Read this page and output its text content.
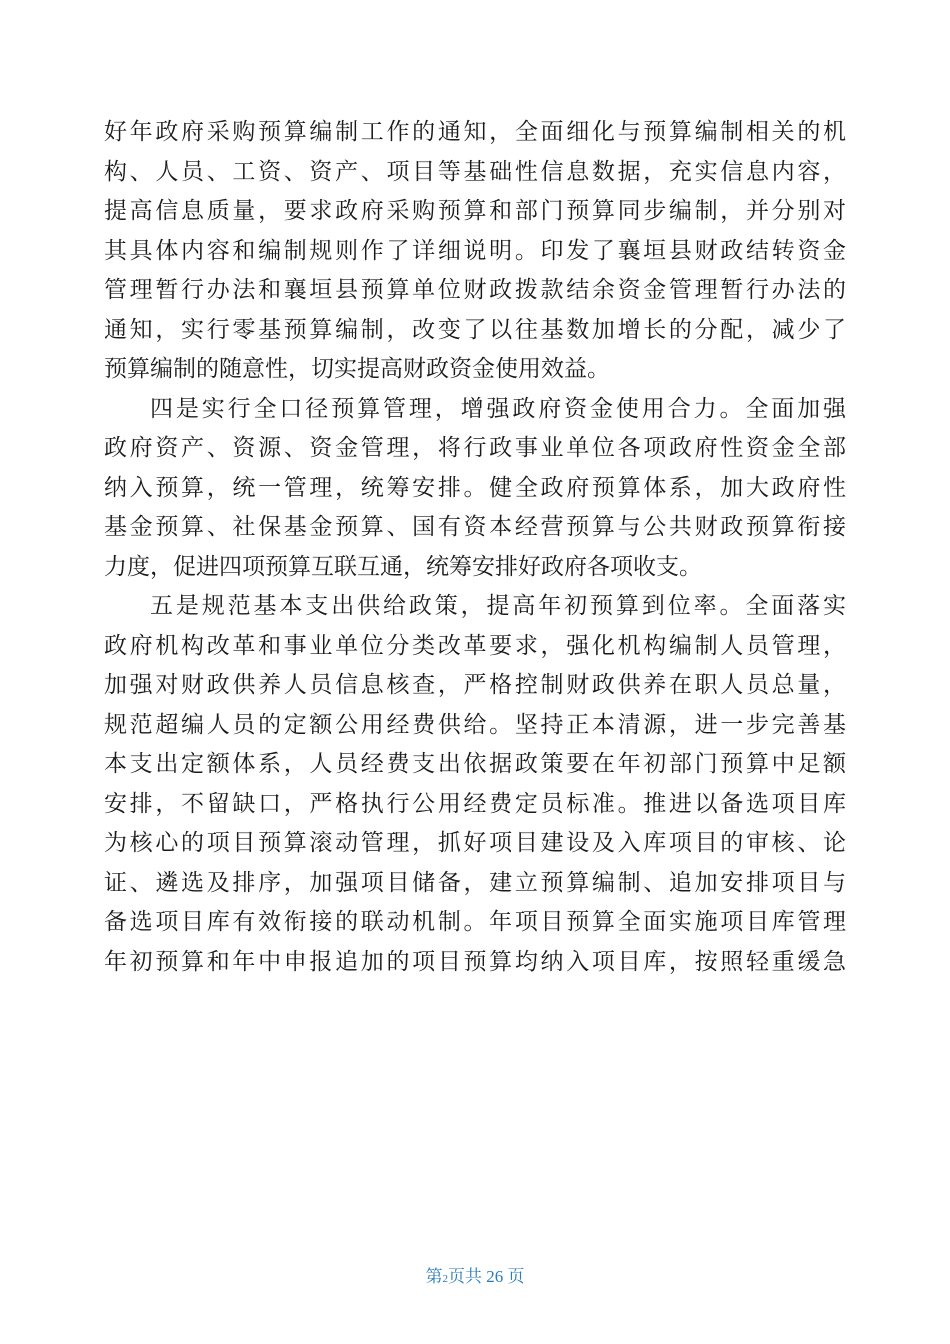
好年政府采购预算编制工作的通知，全面细化与预算编制相关的机
构、人员、工资、资产、项目等基础性信息数据，充实信息内容，
提高信息质量，要求政府采购预算和部门预算同步编制，并分别对
其具体内容和编制规则作了详细说明。印发了襄垣县财政结转资金
管理暂行办法和襄垣县预算单位财政拨款结余资金管理暂行办法的
通知，实行零基预算编制，改变了以往基数加增长的分配，减少了
预算编制的随意性，切实提高财政资金使用效益。
四是实行全口径预算管理，增强政府资金使用合力。全面加强
政府资产、资源、资金管理，将行政事业单位各项政府性资金全部
纳入预算，统一管理，统筹安排。健全政府预算体系，加大政府性
基金预算、社保基金预算、国有资本经营预算与公共财政预算衔接
力度，促进四项预算互联互通，统筹安排好政府各项收支。
五是规范基本支出供给政策，提高年初预算到位率。全面落实
政府机构改革和事业单位分类改革要求，强化机构编制人员管理，
加强对财政供养人员信息核查，严格控制财政供养在职人员总量，
规范超编人员的定额公用经费供给。坚持正本清源，进一步完善基
本支出定额体系，人员经费支出依据政策要在年初部门预算中足额
安排，不留缺口，严格执行公用经费定员标准。推进以备选项目库
为核心的项目预算滚动管理，抓好项目建设及入库项目的审核、论
证、遴选及排序，加强项目储备，建立预算编制、追加安排项目与
备选项目库有效衔接的联动机制。年项目预算全面实施项目库管理
年初预算和年中申报追加的项目预算均纳入项目库，按照轻重缓急
第2页共 26 页
